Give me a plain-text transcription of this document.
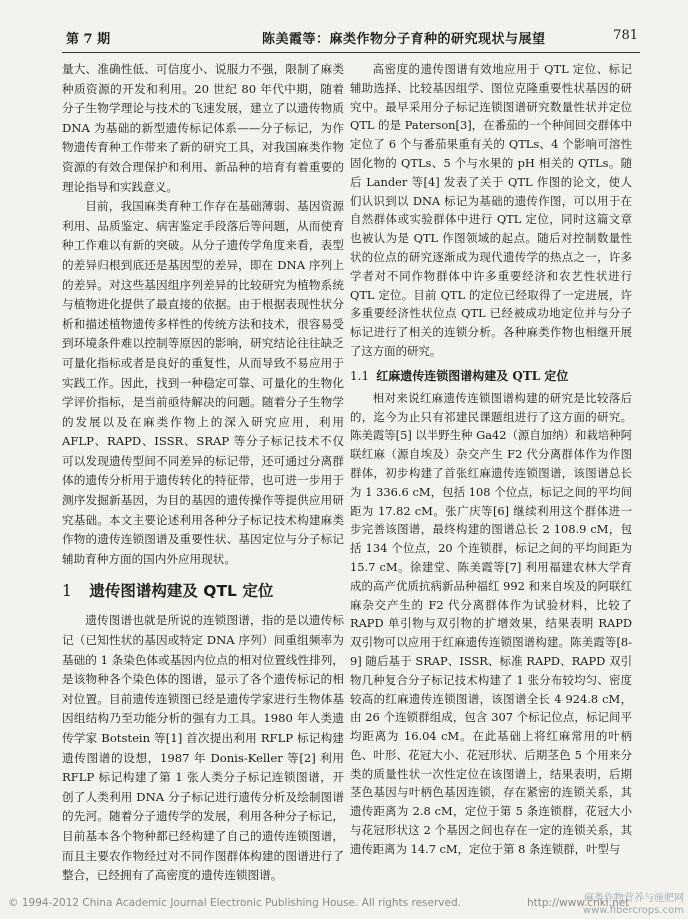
第 7 期	陈美霞等：麻类作物分子育种的研究现状与展望	781

量大、准确性低、可信度小、说服力不强，限制了麻类种质资源的开发和利用。20 世纪 80 年代中期，随着分子生物学理论与技术的飞速发展，建立了以遗传物质 DNA 为基础的新型遗传标记体系——分子标记，为作物遗传育种工作带来了新的研究工具，对我国麻类作物资源的有效合理保护和利用、新品种的培育有着重要的理论指导和实践意义。

目前，我国麻类育种工作存在基础薄弱、基因资源利用、品质鉴定、病害鉴定手段落后等问题，从而使育种工作难以有新的突破。从分子遗传学角度来看，表型的差异归根到底还是基因型的差异，即在 DNA 序列上的差异。对这些基因组序列差异的比较研究为植物系统与植物进化提供了最直接的依据。由于根据表现性状分析和描述植物遗传多样性的传统方法和技术，很容易受到环境条件难以控制等原因的影响，研究结论往往缺乏可量化指标或者是良好的重复性，从而导致不易应用于实践工作。因此，找到一种稳定可靠、可量化的生物化学评价指标，是当前亟待解决的问题。随着分子生物学的发展以及在麻类作物上的深入研究应用，利用 AFLP、RAPD、ISSR、SRAP 等分子标记技术不仅可以发现遗传型间不同差异的标记带，还可通过分离群体的遗传分析用于遗传转化的特征带，也可进一步用于测序发掘新基因，为目的基因的遗传操作等提供应用研究基础。本文主要论述利用各种分子标记技术构建麻类作物的遗传连锁图谱及重要性状、基因定位与分子标记辅助育种方面的国内外应用现状。

1 遗传图谱构建及 QTL 定位

遗传图谱也就是所说的连锁图谱，指的是以遗传标记（已知性状的基因或特定 DNA 序列）间重组频率为基础的 1 条染色体或基因内位点的相对位置线性排列，是该物种各个染色体的图谱，显示了各个遗传标记的相对位置。目前遗传连锁图已经是遗传学家进行生物体基因组结构乃至功能分析的强有力工具。1980 年人类遗传学家 Botstein 等[1] 首次提出利用 RFLP 标记构建遗传图谱的设想，1987 年 Donis-Keller 等[2] 利用 RFLP 标记构建了第 1 张人类分子标记连锁图谱，开创了人类利用 DNA 分子标记进行遗传分析及绘制图谱的先河。随着分子遗传学的发展，利用各种分子标记，目前基本各个物种都已经构建了自己的遗传连锁图谱，而且主要农作物经过对不同作图群体构建的图谱进行了整合，已经拥有了高密度的遗传连锁图谱。

高密度的遗传图谱有效地应用于 QTL 定位、标记辅助选择、比较基因组学、图位克隆重要性状基因的研究中。最早采用分子标记连锁图谱研究数量性状并定位 QTL 的是 Paterson[3]，在番茄的一个种间回交群体中定位了 6 个与番茄果重有关的 QTLs、4 个影响可溶性固化物的 QTLs、5 个与水果的 pH 相关的 QTLs。随后 Lander 等[4] 发表了关于 QTL 作图的论文，使人们认识到以 DNA 标记为基础的遗传作图，可以用于在自然群体或实验群体中进行 QTL 定位，同时这篇文章也被认为是 QTL 作图领域的起点。随后对控制数量性状的位点的研究逐渐成为现代遗传学的热点之一，许多学者对不同作物群体中许多重要经济和农艺性状进行 QTL 定位。目前 QTL 的定位已经取得了一定进展，许多重要经济性状位点 QTL 已经被成功地定位并与分子标记进行了相关的连锁分析。各种麻类作物也相继开展了这方面的研究。

1.1 红麻遗传连锁图谱构建及 QTL 定位

相对来说红麻遗传连锁图谱构建的研究是比较落后的，迄今为止只有祁建民课题组进行了这方面的研究。陈美霞等[5] 以半野生种 Ga42（源自加纳）和栽培种阿联红麻（源自埃及）杂交产生 F2 代分离群体作为作图群体，初步构建了首张红麻遗传连锁图谱，该图谱总长为 1 336.6 cM，包括 108 个位点，标记之间的平均间距为 17.82 cM。张广庆等[6] 继续利用这个群体进一步完善该图谱，最终构建的图谱总长 2 108.9 cM，包括 134 个位点，20 个连锁群，标记之间的平均间距为 15.7 cM。徐建堂、陈美霞等[7] 利用福建农林大学育成的高产优质抗病新品种福红 992 和来自埃及的阿联红麻杂交产生的 F2 代分离群体作为试验材料，比较了 RAPD 单引物与双引物的扩增效果，结果表明 RAPD 双引物可以应用于红麻遗传连锁图谱构建。陈美霞等[8-9] 随后基于 SRAP、ISSR、标准 RAPD、RAPD 双引物几种复合分子标记技术构建了 1 张分布较均匀、密度较高的红麻遗传连锁图谱，该图谱全长 4 924.8 cM，由 26 个连锁群组成，包含 307 个标记位点，标记间平均距离为 16.04 cM。在此基础上将红麻常用的叶柄色、叶形、花冠大小、花冠形状、后期茎色 5 个用来分类的质量性状一次性定位在该图谱上，结果表明，后期茎色基因与叶柄色基因连锁，存在紧密的连锁关系，其遗传距离为 2.8 cM，定位于第 5 条连锁群，花冠大小与花冠形状这 2 个基因之间也存在一定的连锁关系，其遗传距离为 14.7 cM，定位于第 8 条连锁群，叶型与

© 1994-2012 China Academic Journal Electronic Publishing House. All rights reserved.	http://www.cnki.net
麻类作物营养与施肥网
www.fibercrops.com
